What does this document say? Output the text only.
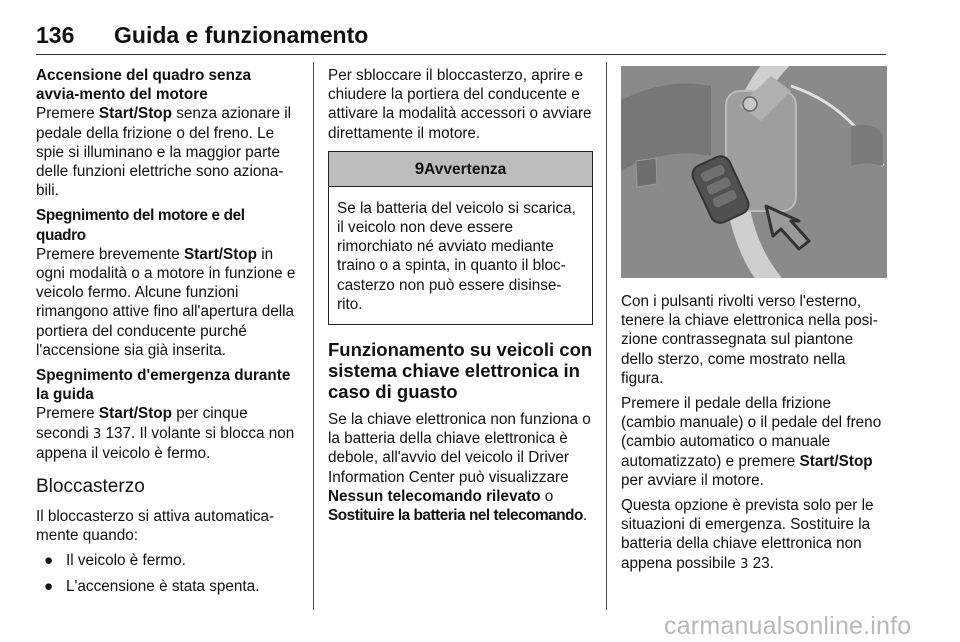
136 Guida e funzionamento
Accensione del quadro senza avvia-mento del motore

Premere Start/Stop senza azionare il pedale della frizione o del freno. Le spie si illuminano e la maggior parte delle funzioni elettriche sono aziona-bili.

Spegnimento del motore e del quadro

Premere brevemente Start/Stop in ogni modalità o a motore in funzione e veicolo fermo. Alcune funzioni rimangono attive fino all'apertura della portiera del conducente purché l'accensione sia già inserita.

Spegnimento d'emergenza durante la guida

Premere Start/Stop per cinque secondi 3 137. Il volante si blocca non appena il veicolo è fermo.

Bloccasterzo

Il bloccasterzo si attiva automatica-mente quando:

● Il veicolo è fermo.
● L'accensione è stata spenta.

Per sbloccare il bloccasterzo, aprire e chiudere la portiera del conducente e attivare la modalità accessori o avviare direttamente il motore.

9Avvertenza
Se la batteria del veicolo si scarica, il veicolo non deve essere rimorchiato né avviato mediante traino o a spinta, in quanto il bloc-casterzo non può essere disinse-rito.
Funzionamento su veicoli con sistema chiave elettronica in caso di guasto

Se la chiave elettronica non funziona o la batteria della chiave elettronica è debole, all'avvio del veicolo il Driver Information Center può visualizzare Nessun telecomando rilevato o Sostituire la batteria nel telecomando.

Con i pulsanti rivolti verso l'esterno, tenere la chiave elettronica nella posi-zione contrassegnata sul piantone dello sterzo, come mostrato nella figura.

Premere il pedale della frizione (cambio manuale) o il pedale del freno (cambio automatico o manuale automatizzato) e premere Start/Stop per avviare il motore.

Questa opzione è prevista solo per le situazioni di emergenza. Sostituire la batteria della chiave elettronica non appena possibile 3 23.

carmanualsonline.info
